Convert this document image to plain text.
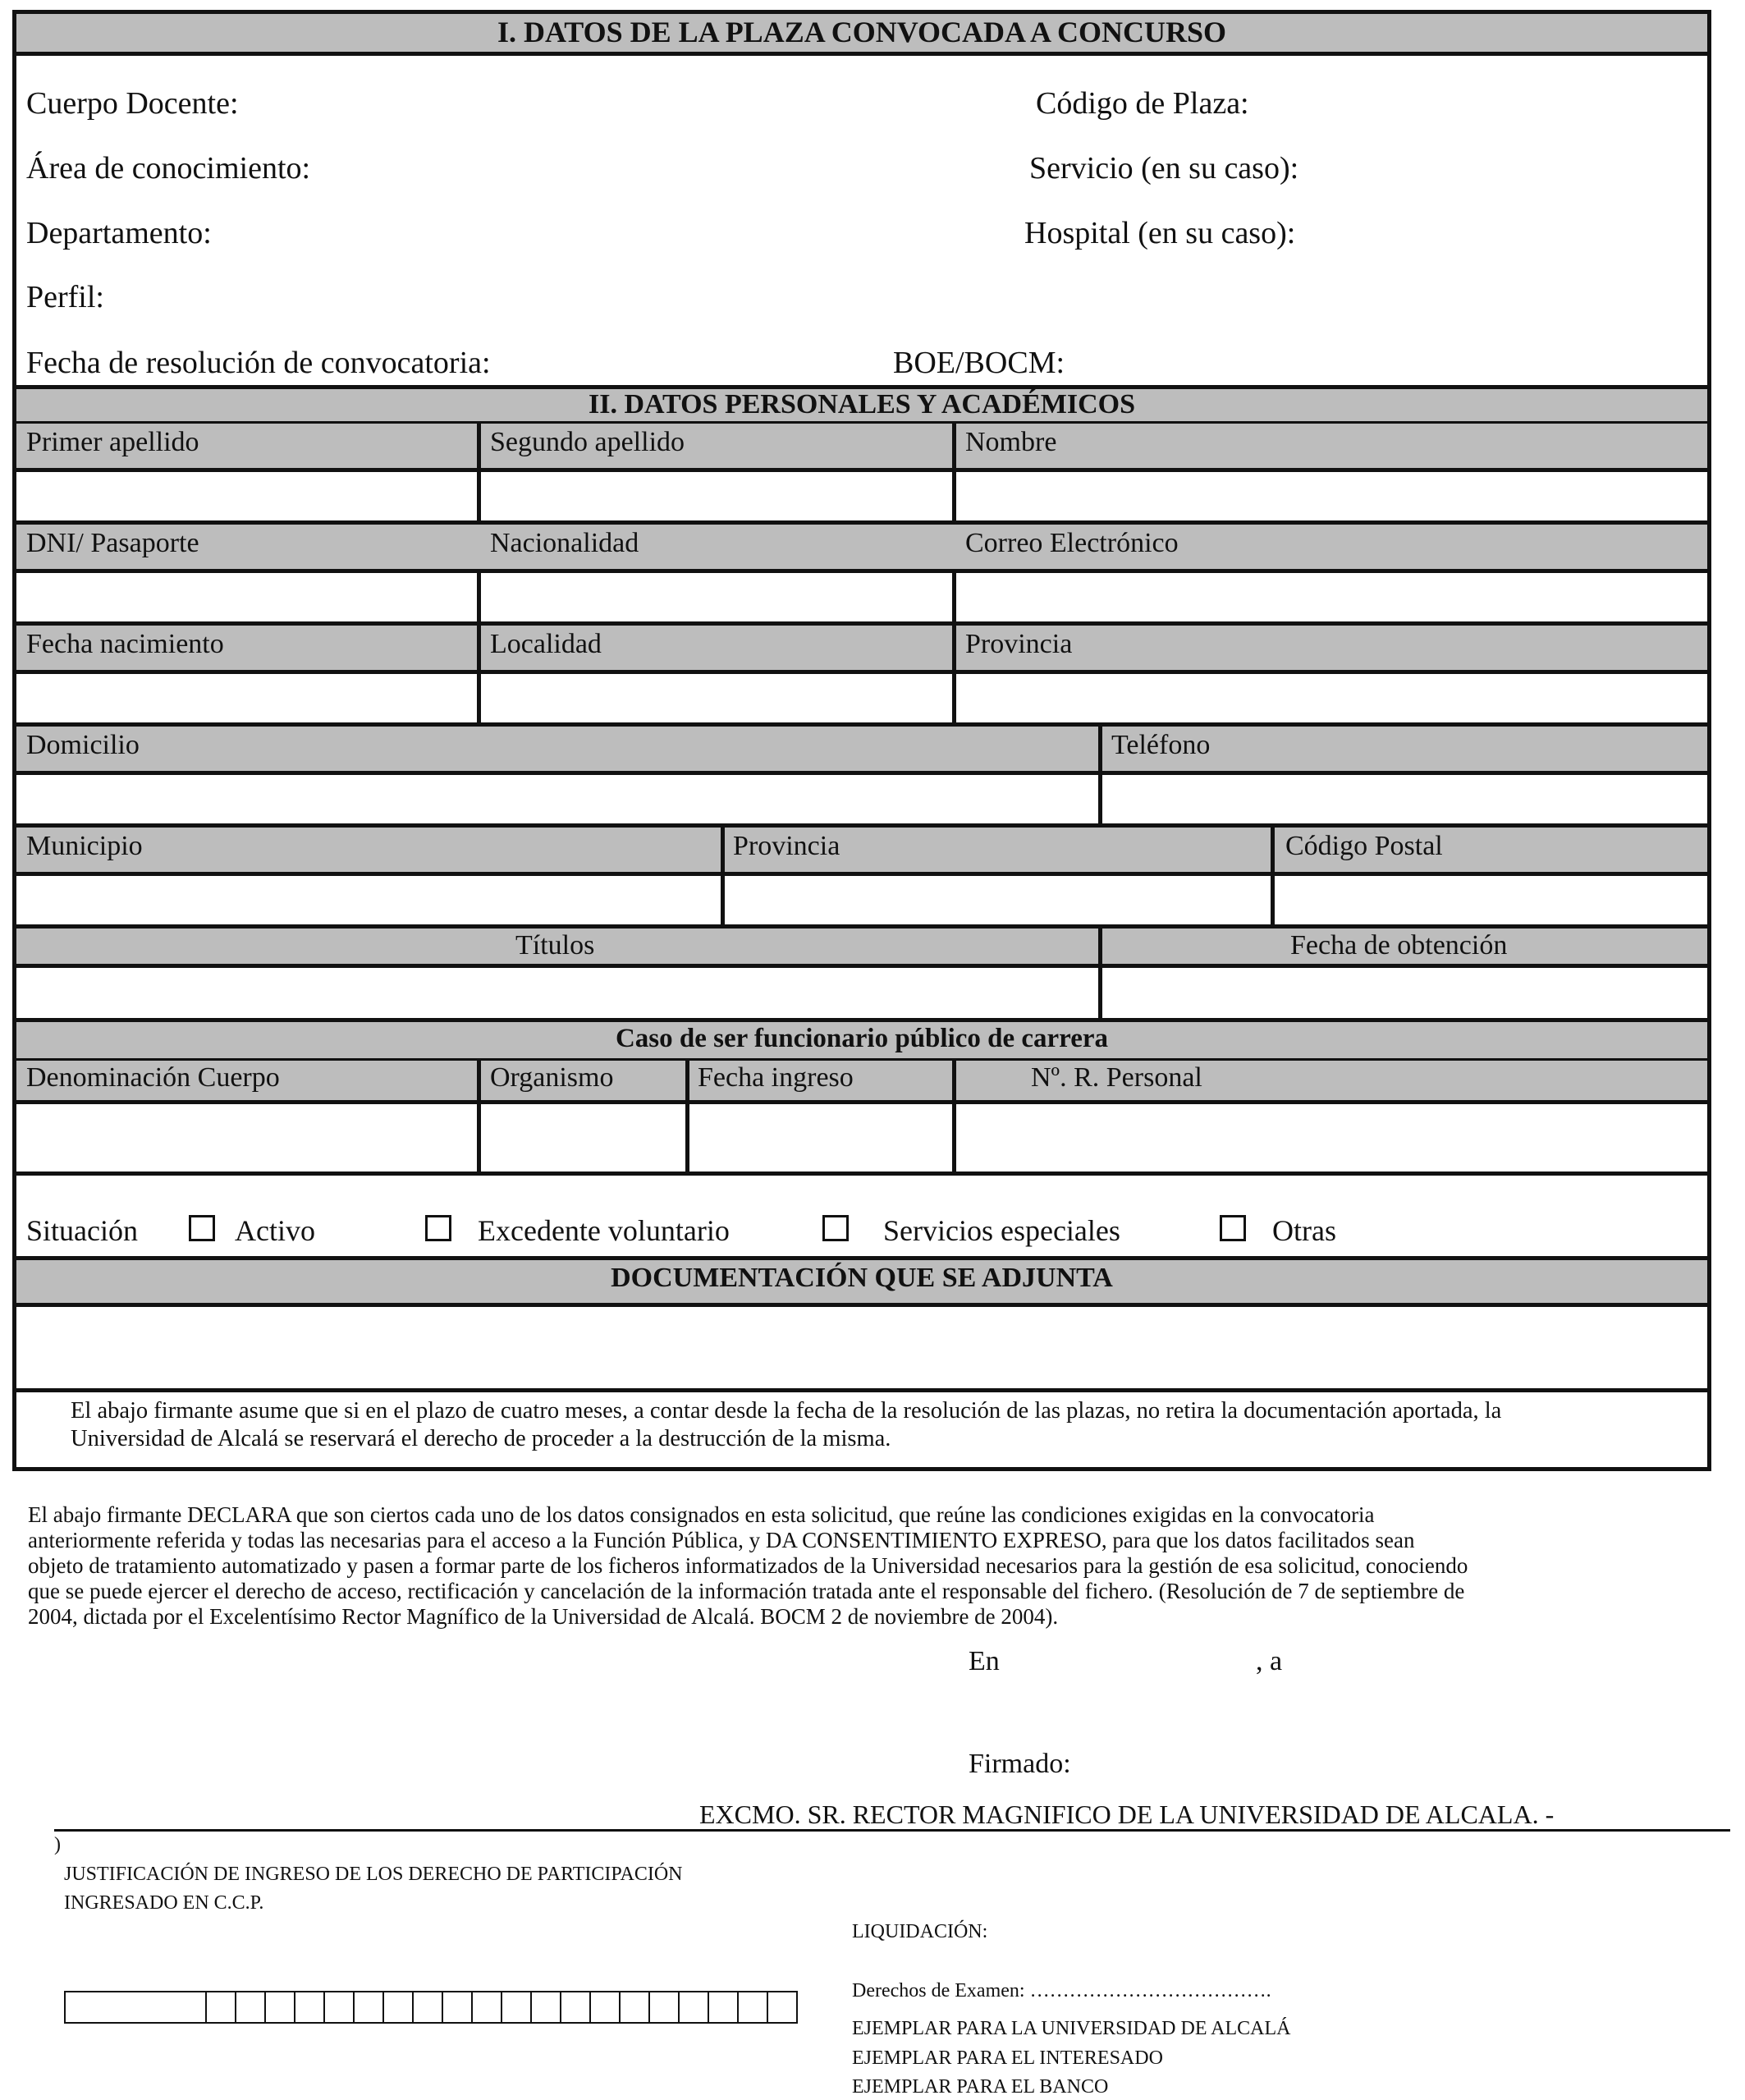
I. DATOS DE LA PLAZA CONVOCADA A CONCURSO
Cuerpo Docente:	Código de Plaza:
Área de conocimiento:	Servicio (en su caso):
Departamento:	Hospital (en su caso):
Perfil:
Fecha de resolución de convocatoria:	BOE/BOCM:
II. DATOS PERSONALES Y ACADÉMICOS
Primer apellido	Segundo apellido	Nombre
DNI/ Pasaporte	Nacionalidad	Correo Electrónico
Fecha nacimiento	Localidad	Provincia
Domicilio	Teléfono
Municipio	Provincia	Código Postal
Títulos	Fecha de obtención
Caso de ser funcionario público de carrera
Denominación Cuerpo	Organismo	Fecha ingreso	Nº. R. Personal
Situación	Activo	Excedente voluntario	Servicios especiales	Otras
DOCUMENTACIÓN QUE SE ADJUNTA
El abajo firmante asume que si en el plazo de cuatro meses, a contar desde la fecha de la resolución de las plazas, no retira la documentación aportada, la
Universidad de Alcalá se reservará el derecho de proceder a la destrucción de la misma.
El abajo firmante DECLARA que son ciertos cada uno de los datos consignados en esta solicitud, que reúne las condiciones exigidas en la convocatoria
anteriormente referida y todas las necesarias para el acceso a la Función Pública, y DA CONSENTIMIENTO EXPRESO, para que los datos facilitados sean
objeto de tratamiento automatizado y pasen a formar parte de los ficheros informatizados de la Universidad necesarios para la gestión de esa solicitud, conociendo
que se puede ejercer el derecho de acceso, rectificación y cancelación de la información tratada ante el responsable del fichero. (Resolución de 7 de septiembre de
2004, dictada por el Excelentísimo Rector Magnífico de la Universidad de Alcalá. BOCM 2 de noviembre de 2004).
En	, a
Firmado:
EXCMO. SR. RECTOR MAGNIFICO DE LA UNIVERSIDAD DE ALCALA. -
)
JUSTIFICACIÓN DE INGRESO DE LOS DERECHO DE PARTICIPACIÓN
INGRESADO EN C.C.P.
LIQUIDACIÓN:
Derechos de Examen: ……………………………….
EJEMPLAR PARA LA UNIVERSIDAD DE ALCALÁ
EJEMPLAR PARA EL INTERESADO
EJEMPLAR PARA EL BANCO
